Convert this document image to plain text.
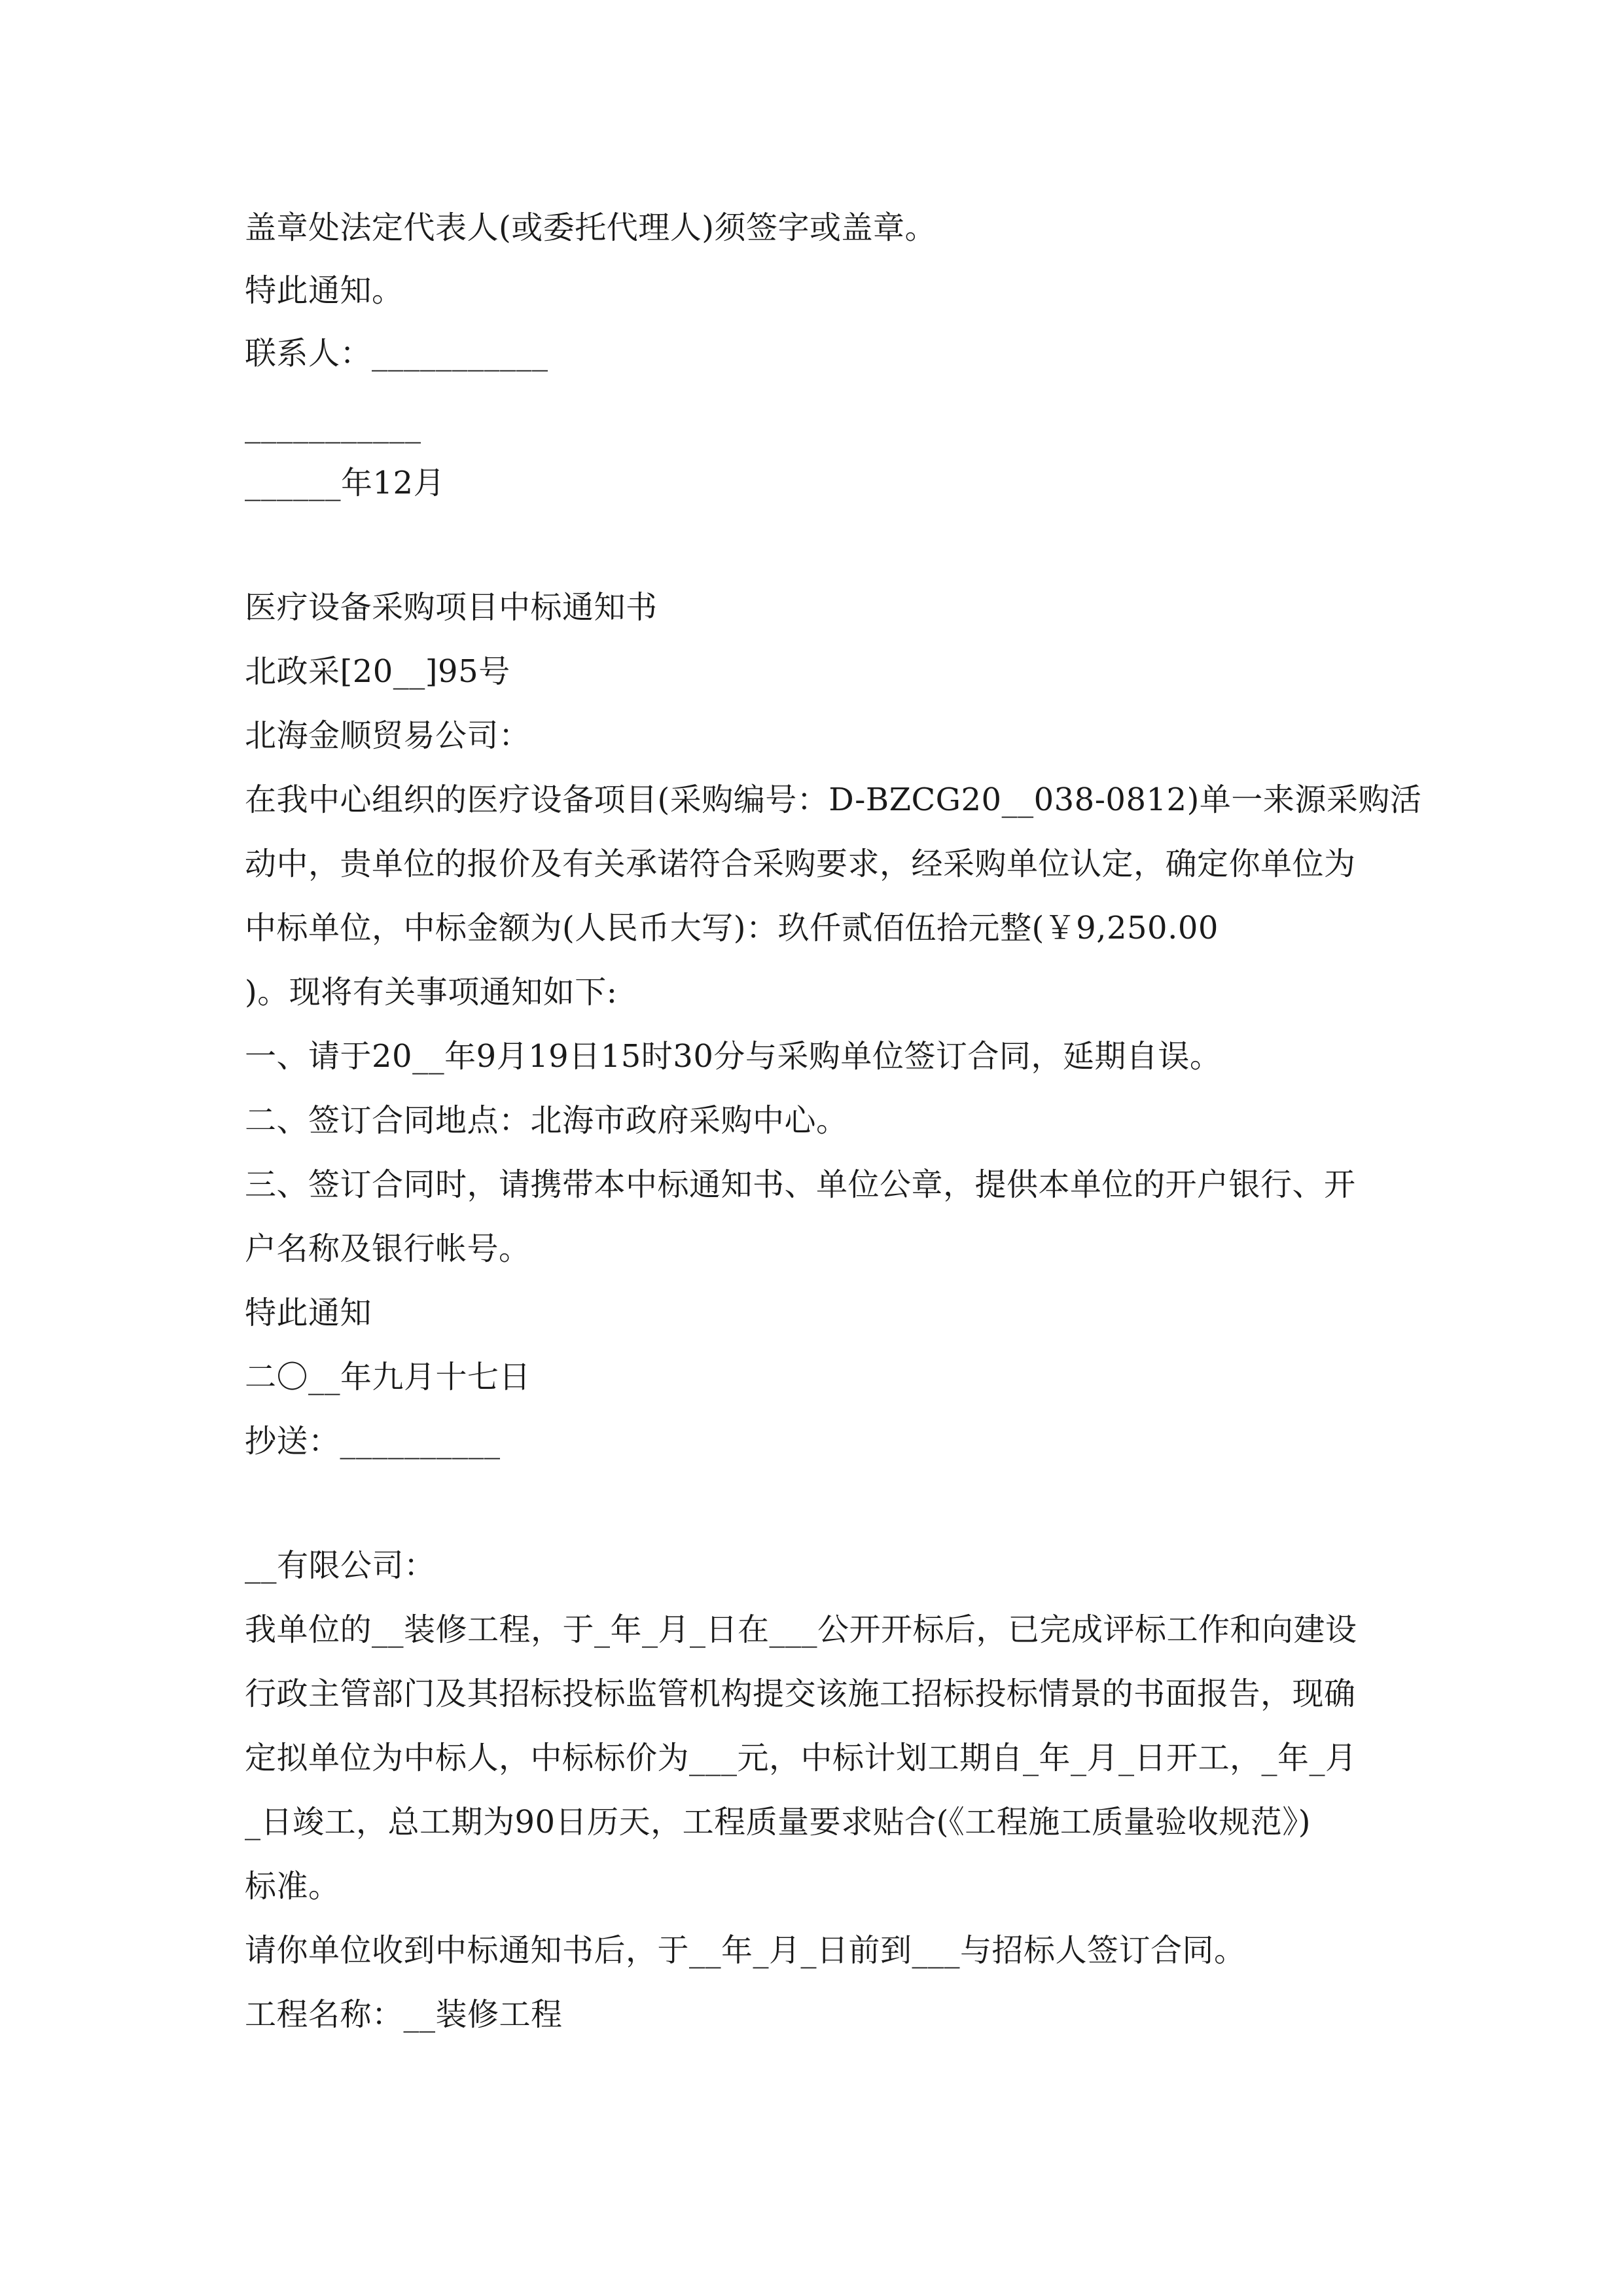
盖章处法定代表人(或委托代理人)须签字或盖章。

特此通知。

联系人：___________

___________

______年12月

医疗设备采购项目中标通知书

北政采[20__]95号

北海金顺贸易公司：

在我中心组织的医疗设备项目(采购编号：D-BZCG20__038-0812)单一来源采购活

动中，贵单位的报价及有关承诺符合采购要求，经采购单位认定，确定你单位为

中标单位，中标金额为(人民币大写)：玖仟贰佰伍拾元整(￥9,250.00

)。现将有关事项通知如下:

一、请于20__年9月19日15时30分与采购单位签订合同，延期自误。

二、签订合同地点：北海市政府采购中心。

三、签订合同时，请携带本中标通知书、单位公章，提供本单位的开户银行、开

户名称及银行帐号。

特此通知

二〇__年九月十七日

抄送：__________

__有限公司：

我单位的__装修工程，于_年_月_日在___公开开标后，已完成评标工作和向建设

行政主管部门及其招标投标监管机构提交该施工招标投标情景的书面报告，现确

定拟单位为中标人，中标标价为___元，中标计划工期自_年_月_日开工，_年_月

_日竣工，总工期为90日历天，工程质量要求贴合(《工程施工质量验收规范》)

标准。

请你单位收到中标通知书后，于__年_月_日前到___与招标人签订合同。

工程名称：__装修工程
